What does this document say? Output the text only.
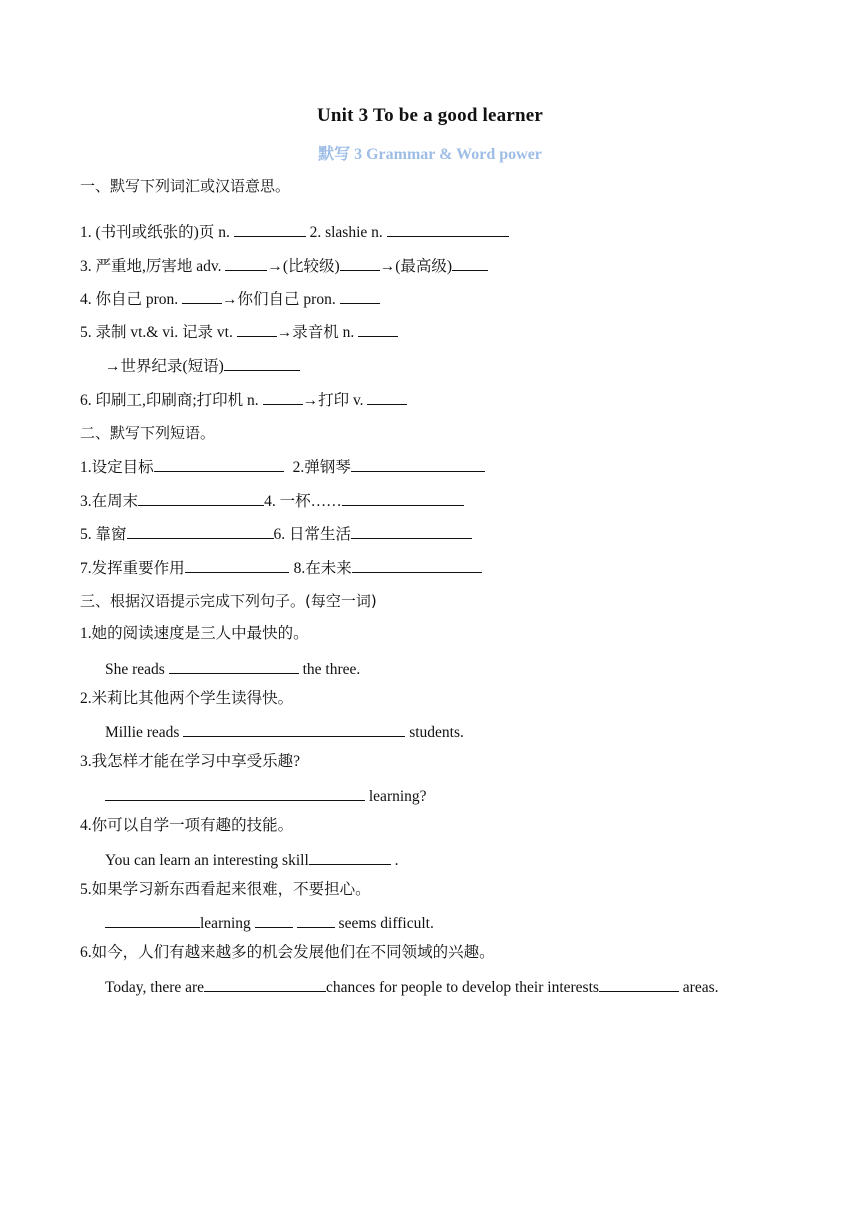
Unit 3 To be a good learner
默写 3 Grammar & Word power
一、默写下列词汇或汉语意思。
1. (书刊或纸张的)页 n.	2. slashie n.
3. 严重地,厉害地 adv.	→(比较级)	→(最高级)
4. 你自己 pron.	→你们自己 pron.
5. 录制 vt.& vi. 记录 vt.	→录音机 n.
→世界纪录(短语)
6. 印刷工,印刷商;打印机 n.	→打印 v.
二、默写下列短语。
1.设定目标	2.弹钢琴
3.在周末	4. 一杯……
5. 靠窗	6. 日常生活
7.发挥重要作用	8.在未来
三、根据汉语提示完成下列句子。(每空一词)
1.她的阅读速度是三人中最快的。
She reads	the three.
2.米莉比其他两个学生读得快。
Millie reads	students.
3.我怎样才能在学习中享受乐趣?
learning?
4.你可以自学一项有趣的技能。
You can learn an interesting skill	.
5.如果学习新东西看起来很难，不要担心。
learning	seems difficult.
6.如今，人们有越来越多的机会发展他们在不同领域的兴趣。
Today, there are	chances for people to develop their interests	areas.
